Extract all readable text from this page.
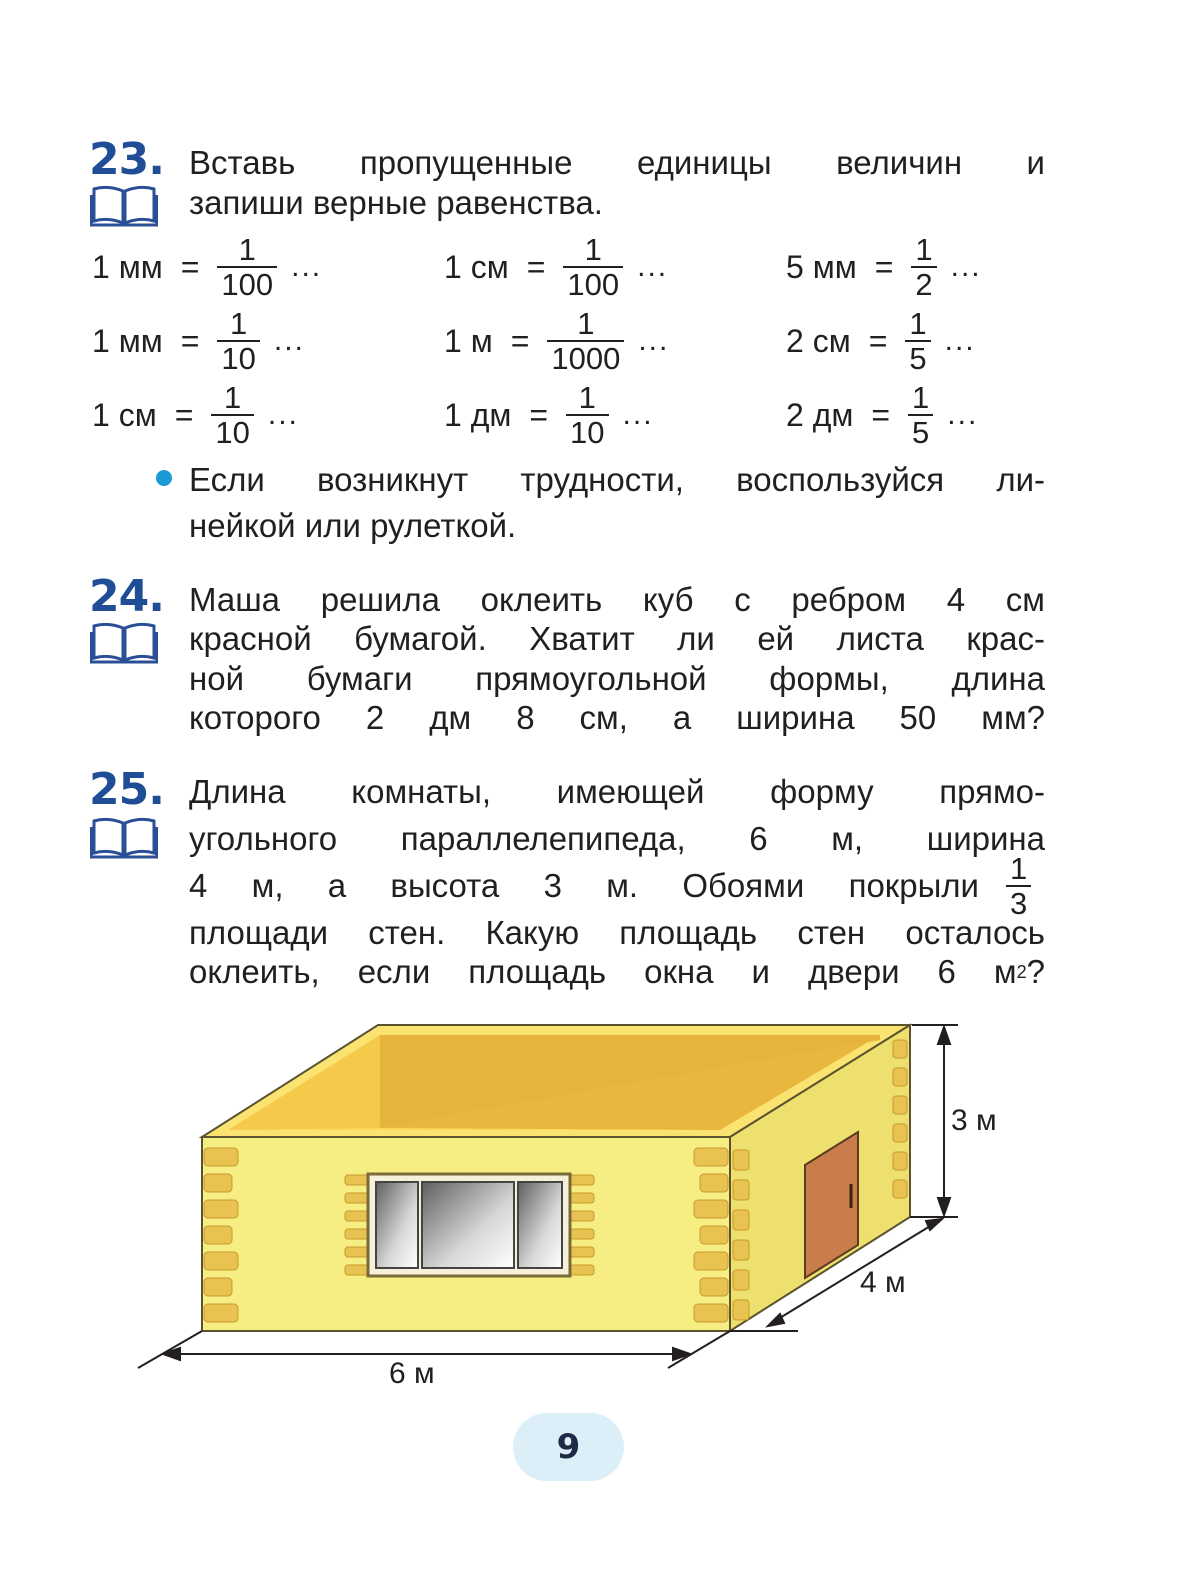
23. Вставь пропущенные единицы величин и
запиши верные равенства.
1 мм = $\frac{1}{100}$ ...	1 см = $\frac{1}{100}$ ...	5 мм = $\frac{1}{2}$ ...
1 мм = $\frac{1}{10}$ ...	1 $м = \frac{1}{1000}$ ...	2 см = $\frac{1}{5}$ ...
1 см = $\frac{1}{10}$ ...	1 дм = $\frac{1}{10}$ ...	2 дм = $\frac{1}{5}$ ...
Если возникнут трудности, воспользуйся ли-
нейкой или рулеткой.
24. Маша решила оклеить куб с ребром 4 см
красной бумагой. Хватит ли ей листа крас-
ной бумаги прямоугольной формы, длина
которого 2 дм 8 см, а ширина 50 мм?
25. Длина комнаты, имеющей форму прямо-
угольного параллелепипеда, 6 м, ширина
4 м, а высота 3 м. Обоями покрыли $\frac{1}{3}$
площади стен. Какую площадь стен осталось
оклеить, если площадь окна и двери 6 м 2 ?
3 м
4 м
6 м
9
